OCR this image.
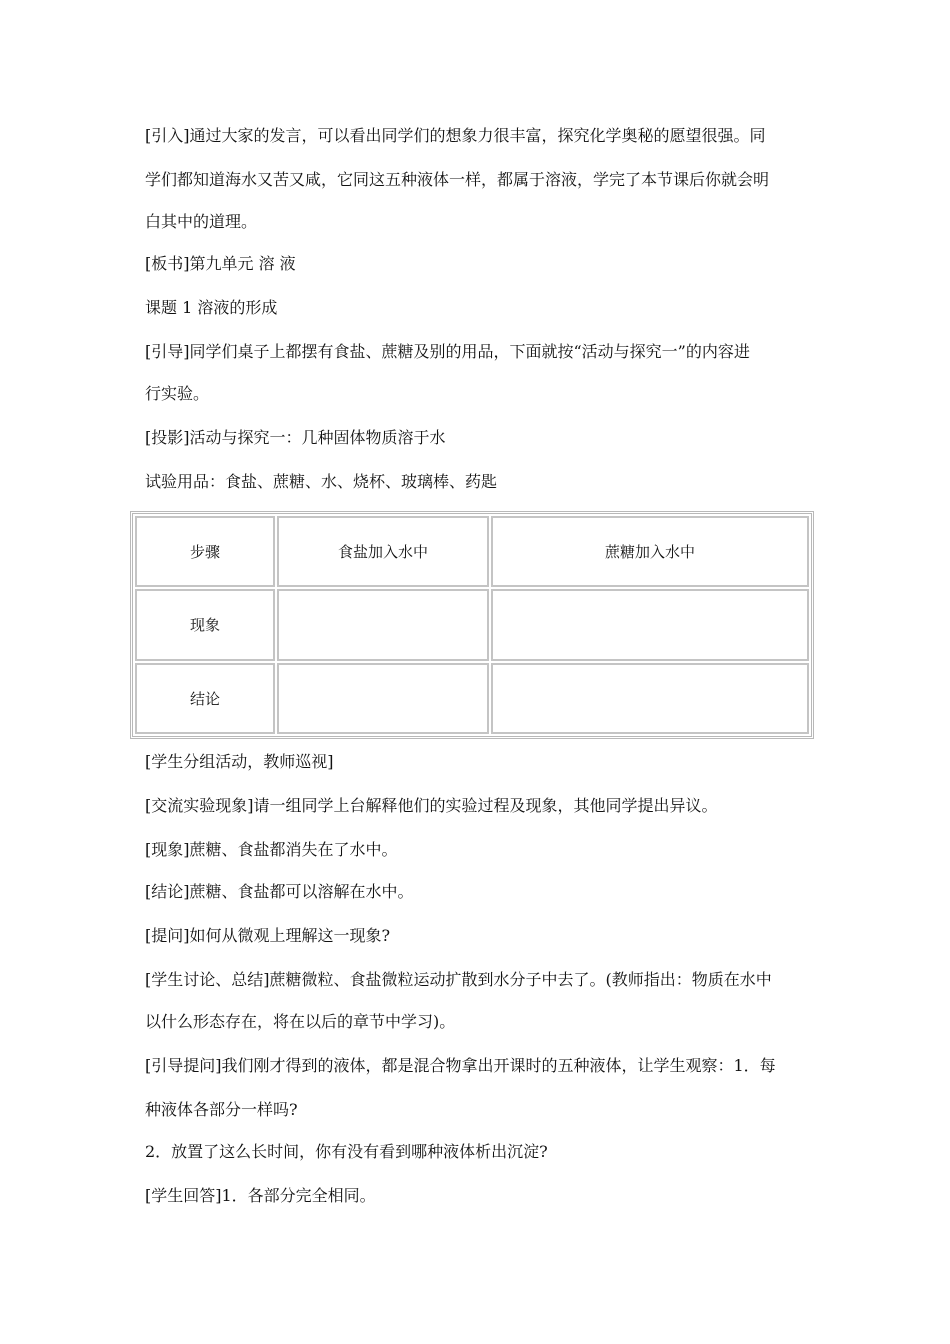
[引入]通过大家的发言，可以看出同学们的想象力很丰富，探究化学奥秘的愿望很强。同

学们都知道海水又苦又咸，它同这五种液体一样，都属于溶液，学完了本节课后你就会明

白其中的道理。

[板书]第九单元 溶 液

课题 1 溶液的形成

[引导]同学们桌子上都摆有食盐、蔗糖及别的用品，下面就按“活动与探究一”的内容进

行实验。

[投影]活动与探究一：几种固体物质溶于水

试验用品：食盐、蔗糖、水、烧杯、玻璃棒、药匙

步骤	食盐加入水中	蔗糖加入水中
现象		
结论		

[学生分组活动，教师巡视]

[交流实验现象]请一组同学上台解释他们的实验过程及现象，其他同学提出异议。

[现象]蔗糖、食盐都消失在了水中。

[结论]蔗糖、食盐都可以溶解在水中。

[提问]如何从微观上理解这一现象?

[学生讨论、总结]蔗糖微粒、食盐微粒运动扩散到水分子中去了。(教师指出：物质在水中

以什么形态存在，将在以后的章节中学习)。

[引导提问]我们刚才得到的液体，都是混合物拿出开课时的五种液体，让学生观察：1．每

种液体各部分一样吗?

2．放置了这么长时间，你有没有看到哪种液体析出沉淀?

[学生回答]1．各部分完全相同。
